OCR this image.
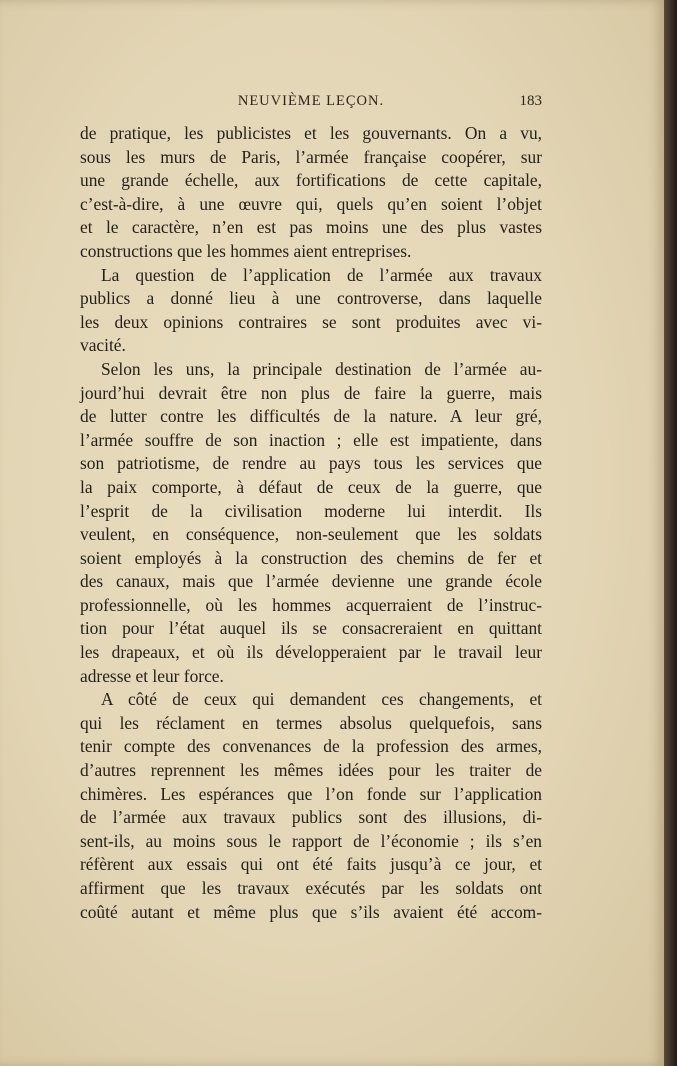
NEUVIÈME LEÇON.	183
de pratique, les publicistes et les gouvernants. On a vu,
sous les murs de Paris, l’armée française coopérer, sur
une grande échelle, aux fortifications de cette capitale,
c’est-à-dire, à une œuvre qui, quels qu’en soient l’objet
et le caractère, n’en est pas moins une des plus vastes
constructions que les hommes aient entreprises.
La question de l’application de l’armée aux travaux
publics a donné lieu à une controverse, dans laquelle
les deux opinions contraires se sont produites avec vi-
vacité.
Selon les uns, la principale destination de l’armée au-
jourd’hui devrait être non plus de faire la guerre, mais
de lutter contre les difficultés de la nature. A leur gré,
l’armée souffre de son inaction ; elle est impatiente, dans
son patriotisme, de rendre au pays tous les services que
la paix comporte, à défaut de ceux de la guerre, que
l’esprit de la civilisation moderne lui interdit. Ils
veulent, en conséquence, non-seulement que les soldats
soient employés à la construction des chemins de fer et
des canaux, mais que l’armée devienne une grande école
professionnelle, où les hommes acquerraient de l’instruc-
tion pour l’état auquel ils se consacreraient en quittant
les drapeaux, et où ils développeraient par le travail leur
adresse et leur force.
A côté de ceux qui demandent ces changements, et
qui les réclament en termes absolus quelquefois, sans
tenir compte des convenances de la profession des armes,
d’autres reprennent les mêmes idées pour les traiter de
chimères. Les espérances que l’on fonde sur l’application
de l’armée aux travaux publics sont des illusions, di-
sent-ils, au moins sous le rapport de l’économie ; ils s’en
réfèrent aux essais qui ont été faits jusqu’à ce jour, et
affirment que les travaux exécutés par les soldats ont
coûté autant et même plus que s’ils avaient été accom-
